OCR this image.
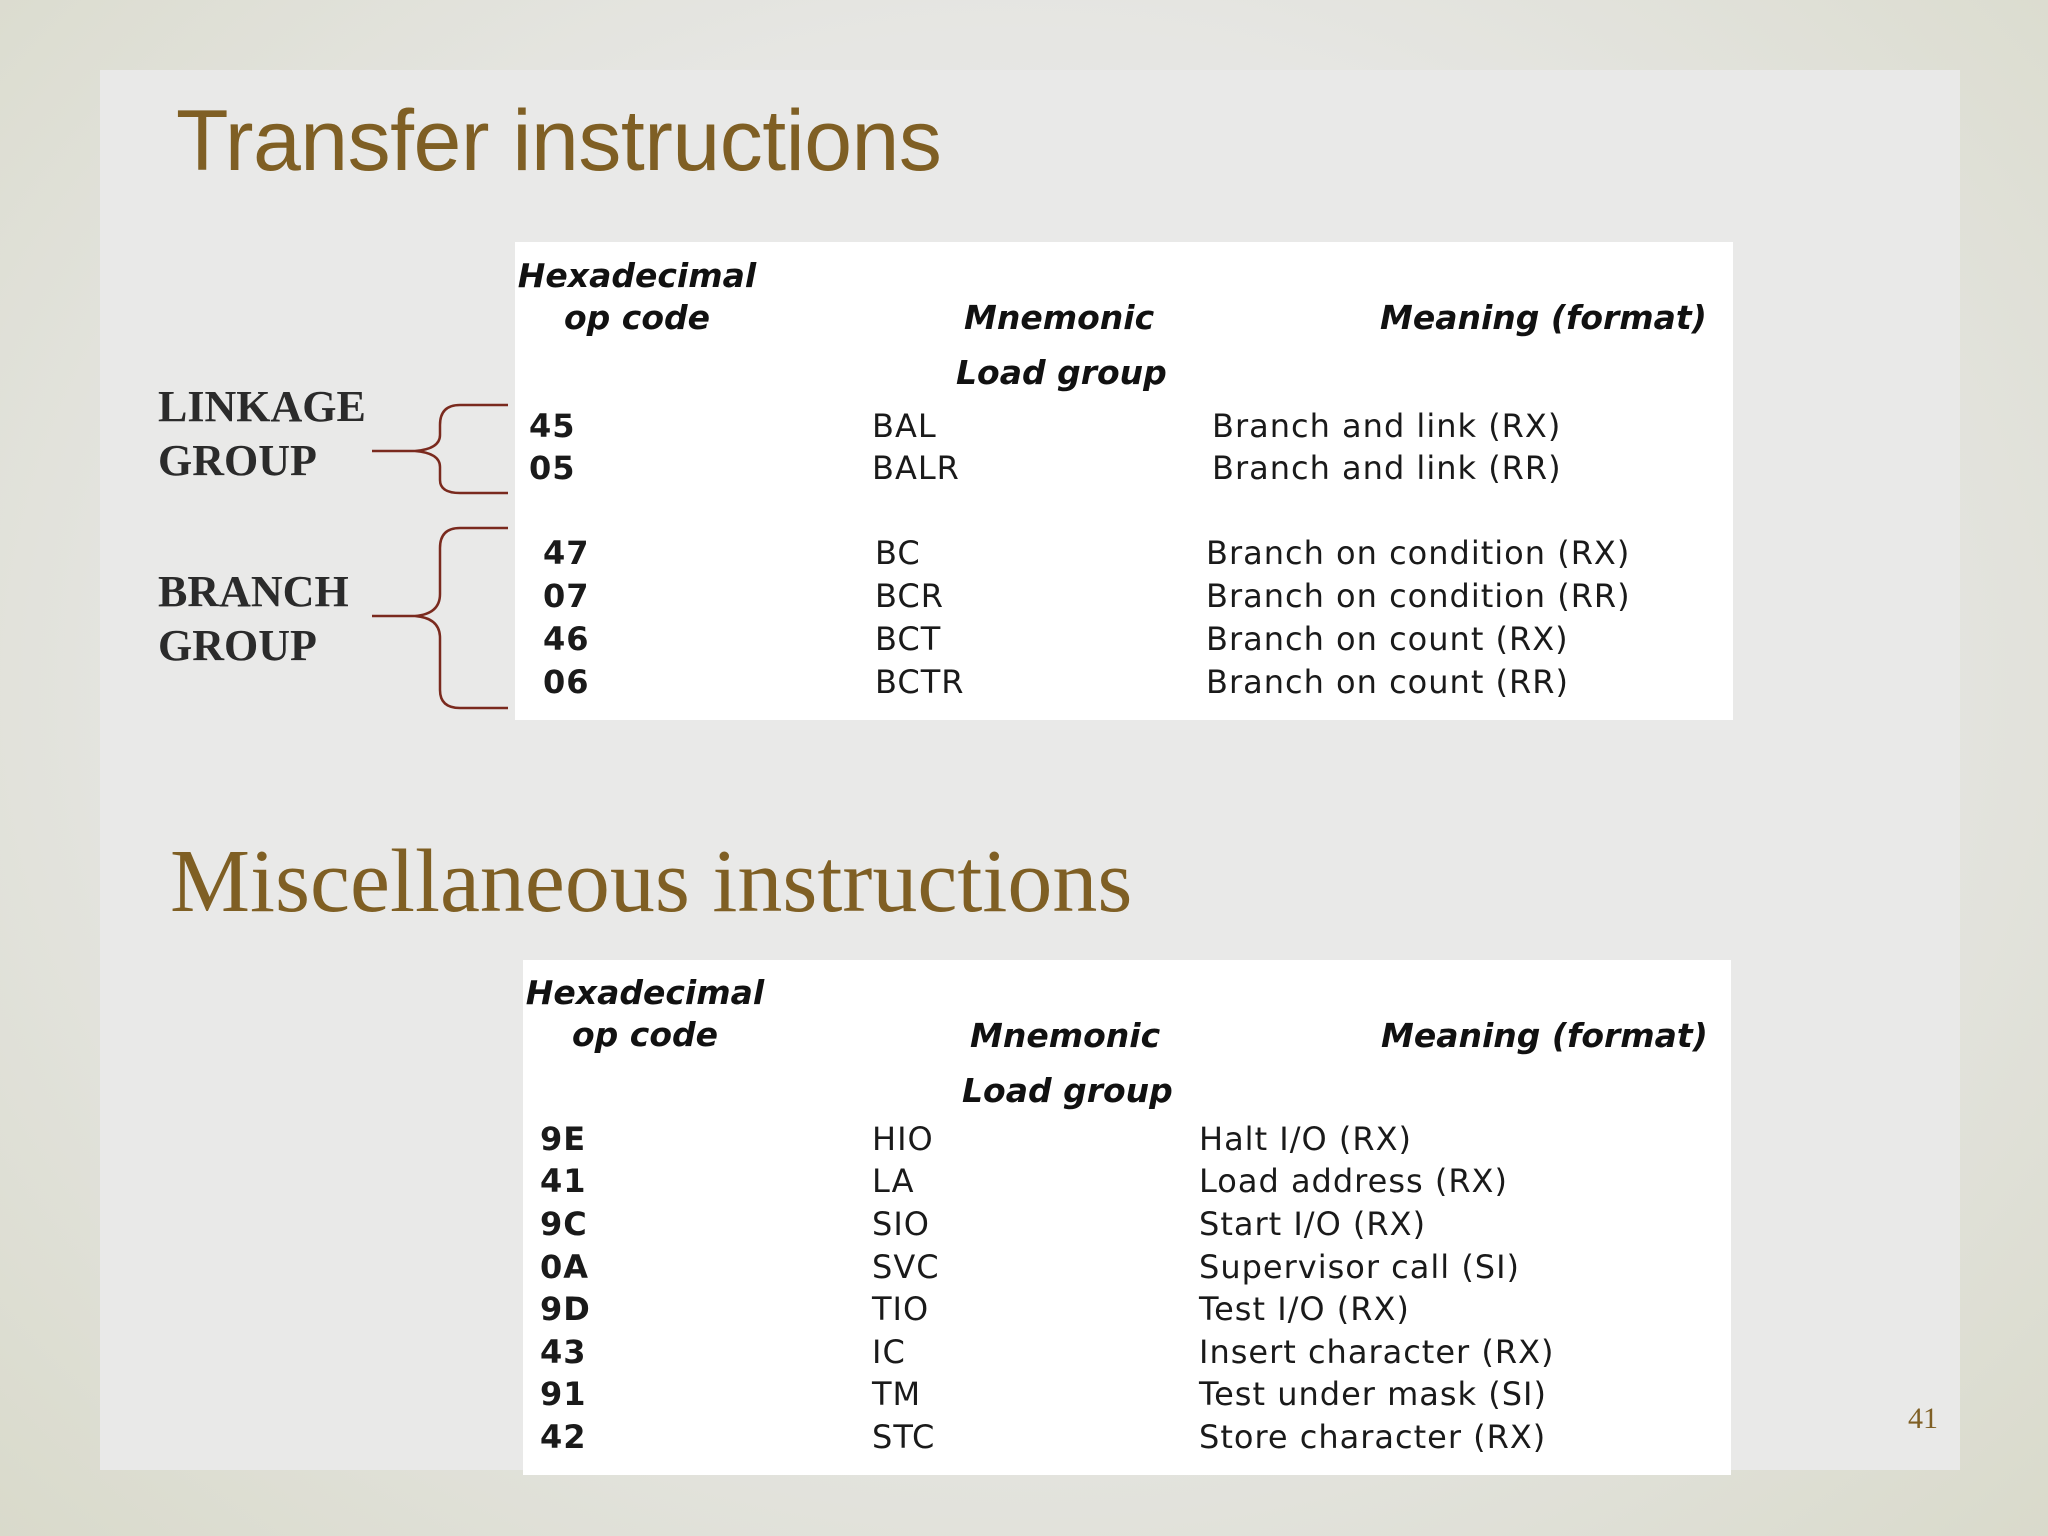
Transfer instructions
LINKAGE
GROUP
BRANCH
GROUP
Hexadecimal
op code	Mnemonic	Meaning (format)
Load group
45	BAL	Branch and link (RX)
05	BALR	Branch and link (RR)
47	BC	Branch on condition (RX)
07	BCR	Branch on condition (RR)
46	BCT	Branch on count (RX)
06	BCTR	Branch on count (RR)
Miscellaneous instructions
Hexadecimal
op code	Mnemonic	Meaning (format)
Load group
9E	HIO	Halt I/O (RX)
41	LA	Load address (RX)
9C	SIO	Start I/O (RX)
0A	SVC	Supervisor call (SI)
9D	TIO	Test I/O (RX)
43	IC	Insert character (RX)
91	TM	Test under mask (SI)
42	STC	Store character (RX)	41
